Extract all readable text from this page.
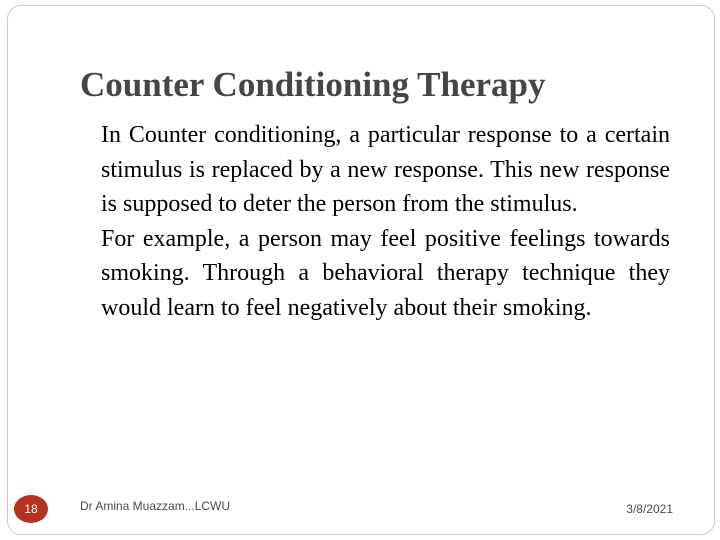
Counter Conditioning Therapy
In Counter conditioning, a particular response to a certain stimulus is replaced by a new response. This new response is supposed to deter the person from the stimulus.
For example, a person may feel positive feelings towards smoking. Through a behavioral therapy technique they would learn to feel negatively about their smoking.
18	Dr Amina Muazzam...LCWU	3/8/2021
